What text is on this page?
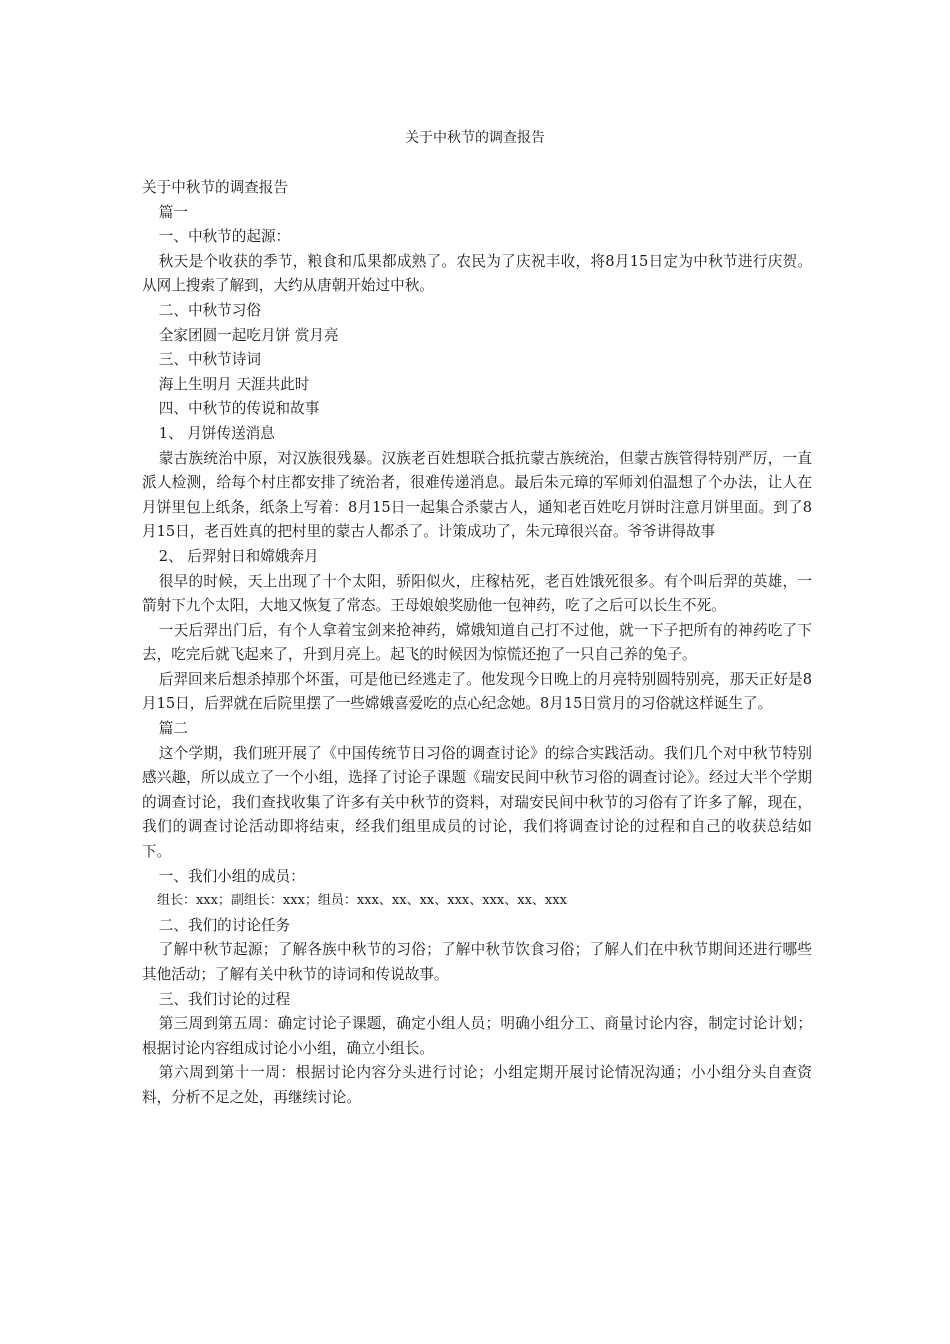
关于中秋节的调查报告

关于中秋节的调查报告

篇一

一、中秋节的起源：

秋天是个收获的季节，粮食和瓜果都成熟了。农民为了庆祝丰收，将8月15日定为中秋节进行庆贺。从网上搜索了解到，大约从唐朝开始过中秋。

二、中秋节习俗

全家团圆一起吃月饼 赏月亮

三、中秋节诗词

海上生明月 天涯共此时

四、中秋节的传说和故事

1、 月饼传送消息

蒙古族统治中原，对汉族很残暴。汉族老百姓想联合抵抗蒙古族统治，但蒙古族管得特别严厉，一直派人检测，给每个村庄都安排了统治者，很难传递消息。最后朱元璋的军师刘伯温想了个办法，让人在月饼里包上纸条，纸条上写着：8月15日一起集合杀蒙古人，通知老百姓吃月饼时注意月饼里面。到了8月15日，老百姓真的把村里的蒙古人都杀了。计策成功了，朱元璋很兴奋。爷爷讲得故事

2、 后羿射日和嫦娥奔月

很早的时候，天上出现了十个太阳，骄阳似火，庄稼枯死，老百姓饿死很多。有个叫后羿的英雄，一箭射下九个太阳，大地又恢复了常态。王母娘娘奖励他一包神药，吃了之后可以长生不死。

一天后羿出门后，有个人拿着宝剑来抢神药，嫦娥知道自己打不过他，就一下子把所有的神药吃了下去，吃完后就飞起来了，升到月亮上。起飞的时候因为惊慌还抱了一只自己养的兔子。

后羿回来后想杀掉那个坏蛋，可是他已经逃走了。他发现今日晚上的月亮特别圆特别亮，那天正好是8月15日，后羿就在后院里摆了一些嫦娥喜爱吃的点心纪念她。8月15日赏月的习俗就这样诞生了。

篇二

这个学期，我们班开展了《中国传统节日习俗的调查讨论》的综合实践活动。我们几个对中秋节特别感兴趣，所以成立了一个小组，选择了讨论子课题《瑞安民间中秋节习俗的调查讨论》。经过大半个学期的调查讨论，我们查找收集了许多有关中秋节的资料，对瑞安民间中秋节的习俗有了许多了解，现在，我们的调查讨论活动即将结束，经我们组里成员的讨论，我们将调查讨论的过程和自己的收获总结如下。

一、我们小组的成员：

组长：xxx；副组长：xxx；组员：xxx、xx、xx、xxx、xxx、xx、xxx

二、我们的讨论任务

了解中秋节起源；了解各族中秋节的习俗；了解中秋节饮食习俗；了解人们在中秋节期间还进行哪些其他活动；了解有关中秋节的诗词和传说故事。

三、我们讨论的过程

第三周到第五周：确定讨论子课题，确定小组人员；明确小组分工、商量讨论内容，制定讨论计划；根据讨论内容组成讨论小小组，确立小组长。

第六周到第十一周：根据讨论内容分头进行讨论；小组定期开展讨论情况沟通；小小组分头自查资料，分析不足之处，再继续讨论。
